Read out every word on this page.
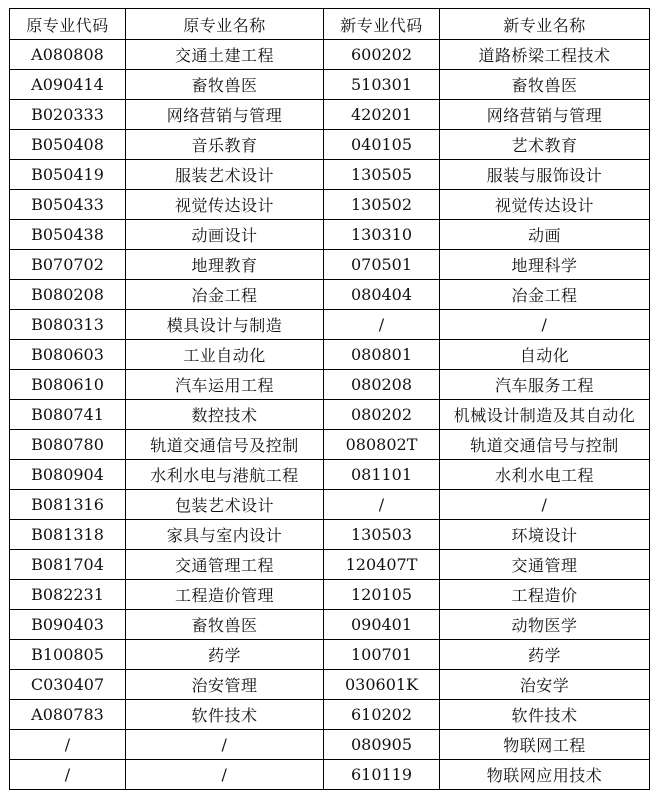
原专业代码	原专业名称	新专业代码	新专业名称
A080808	交通土建工程	600202	道路桥梁工程技术
A090414	畜牧兽医	510301	畜牧兽医
B020333	网络营销与管理	420201	网络营销与管理
B050408	音乐教育	040105	艺术教育
B050419	服装艺术设计	130505	服装与服饰设计
B050433	视觉传达设计	130502	视觉传达设计
B050438	动画设计	130310	动画
B070702	地理教育	070501	地理科学
B080208	冶金工程	080404	冶金工程
B080313	模具设计与制造	/	/
B080603	工业自动化	080801	自动化
B080610	汽车运用工程	080208	汽车服务工程
B080741	数控技术	080202	机械设计制造及其自动化
B080780	轨道交通信号及控制	080802T	轨道交通信号与控制
B080904	水利水电与港航工程	081101	水利水电工程
B081316	包装艺术设计	/	/
B081318	家具与室内设计	130503	环境设计
B081704	交通管理工程	120407T	交通管理
B082231	工程造价管理	120105	工程造价
B090403	畜牧兽医	090401	动物医学
B100805	药学	100701	药学
C030407	治安管理	030601K	治安学
A080783	软件技术	610202	软件技术
/	/	080905	物联网工程
/	/	610119	物联网应用技术
